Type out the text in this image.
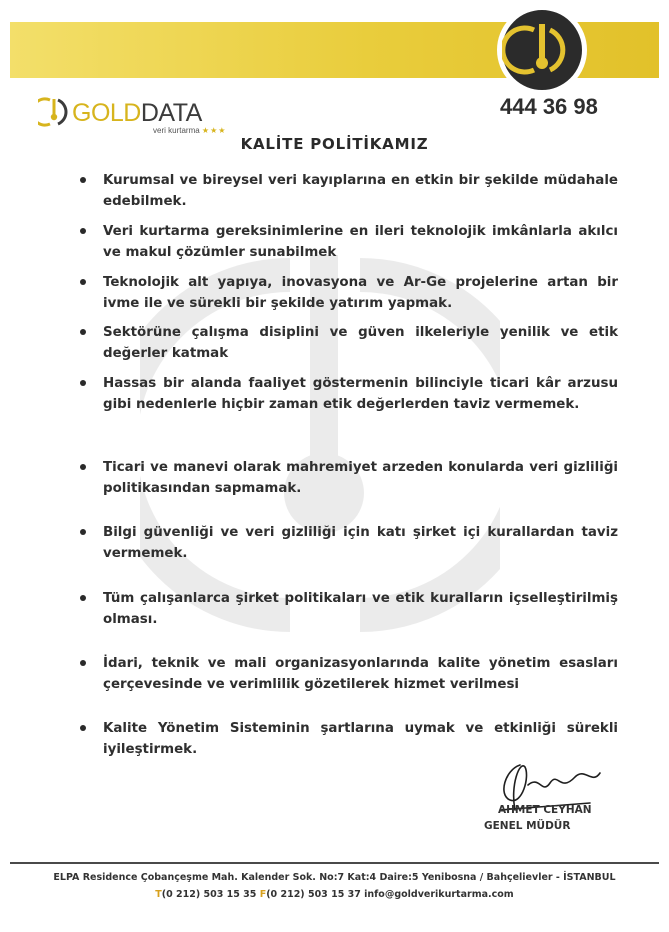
GOLDDATA
veri kurtarma ★★★
444 36 98
KALİTE POLİTİKAMIZ
Kurumsal ve bireysel veri kayıplarına en etkin bir şekilde müdahale edebilmek.
Veri kurtarma gereksinimlerine en ileri teknolojik imkânlarla akılcı ve makul çözümler sunabilmek
Teknolojik alt yapıya, inovasyona ve Ar-Ge projelerine artan bir ivme ile ve sürekli bir şekilde yatırım yapmak.
Sektörüne çalışma disiplini ve güven ilkeleriyle yenilik ve etik değerler katmak
Hassas bir alanda faaliyet göstermenin bilinciyle ticari kâr arzusu gibi nedenlerle hiçbir zaman etik değerlerden taviz vermemek.
Ticari ve manevi olarak mahremiyet arzeden konularda veri gizliliği politikasından sapmamak.
Bilgi güvenliği ve veri gizliliği için katı şirket içi kurallardan taviz vermemek.
Tüm çalışanlarca şirket politikaları ve etik kuralların içselleştirilmiş olması.
İdari, teknik ve mali organizasyonlarında kalite yönetim esasları çerçevesinde ve verimlilik gözetilerek hizmet verilmesi
Kalite Yönetim Sisteminin şartlarına uymak ve etkinliği sürekli iyileştirmek.
AHMET CEYHAN
GENEL MÜDÜR
ELPA Residence Çobançeşme Mah. Kalender Sok. No:7 Kat:4 Daire:5 Yenibosna / Bahçelievler - İSTANBUL
T(0 212) 503 15 35 F(0 212) 503 15 37 info@goldverikurtarma.com
